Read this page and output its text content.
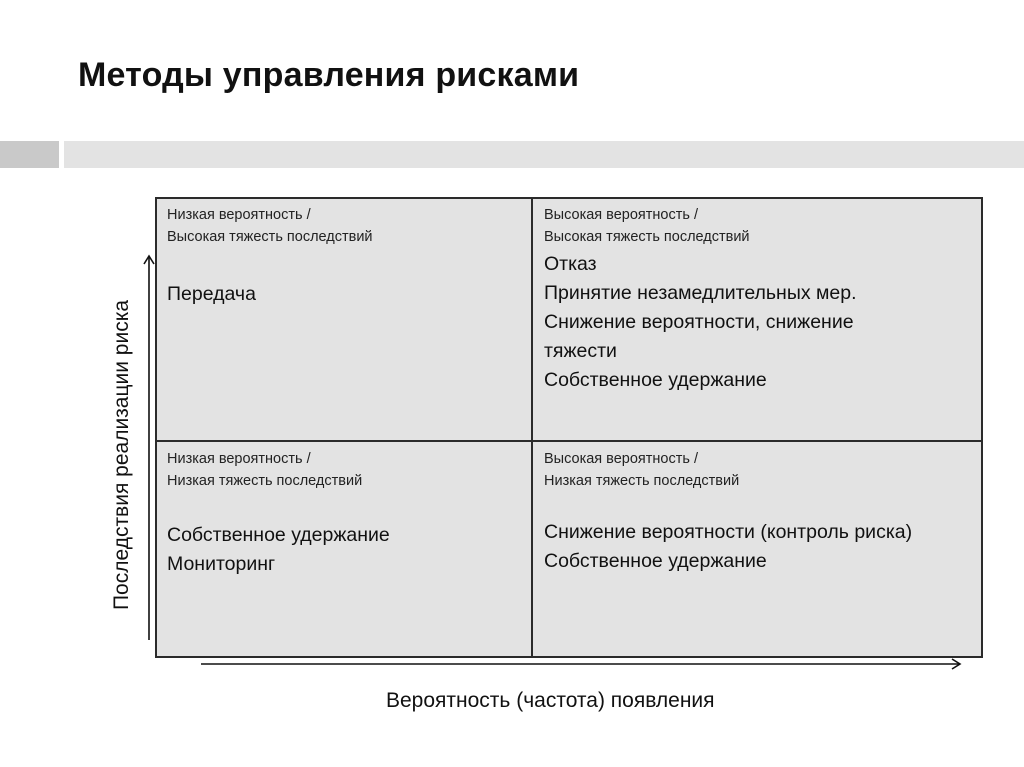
Методы управления рисками
Низкая вероятность /
Высокая тяжесть последствий
Передача
Высокая вероятность /
Высокая тяжесть последствий
Отказ
Принятие незамедлительных мер.
Снижение вероятности, снижение
тяжести
Собственное удержание
Низкая вероятность /
Низкая тяжесть последствий
Собственное удержание
Мониторинг
Высокая вероятность /
Низкая тяжесть последствий
Снижение вероятности (контроль риска)
Собственное удержание
Последствия реализации риска
Вероятность (частота) появления
